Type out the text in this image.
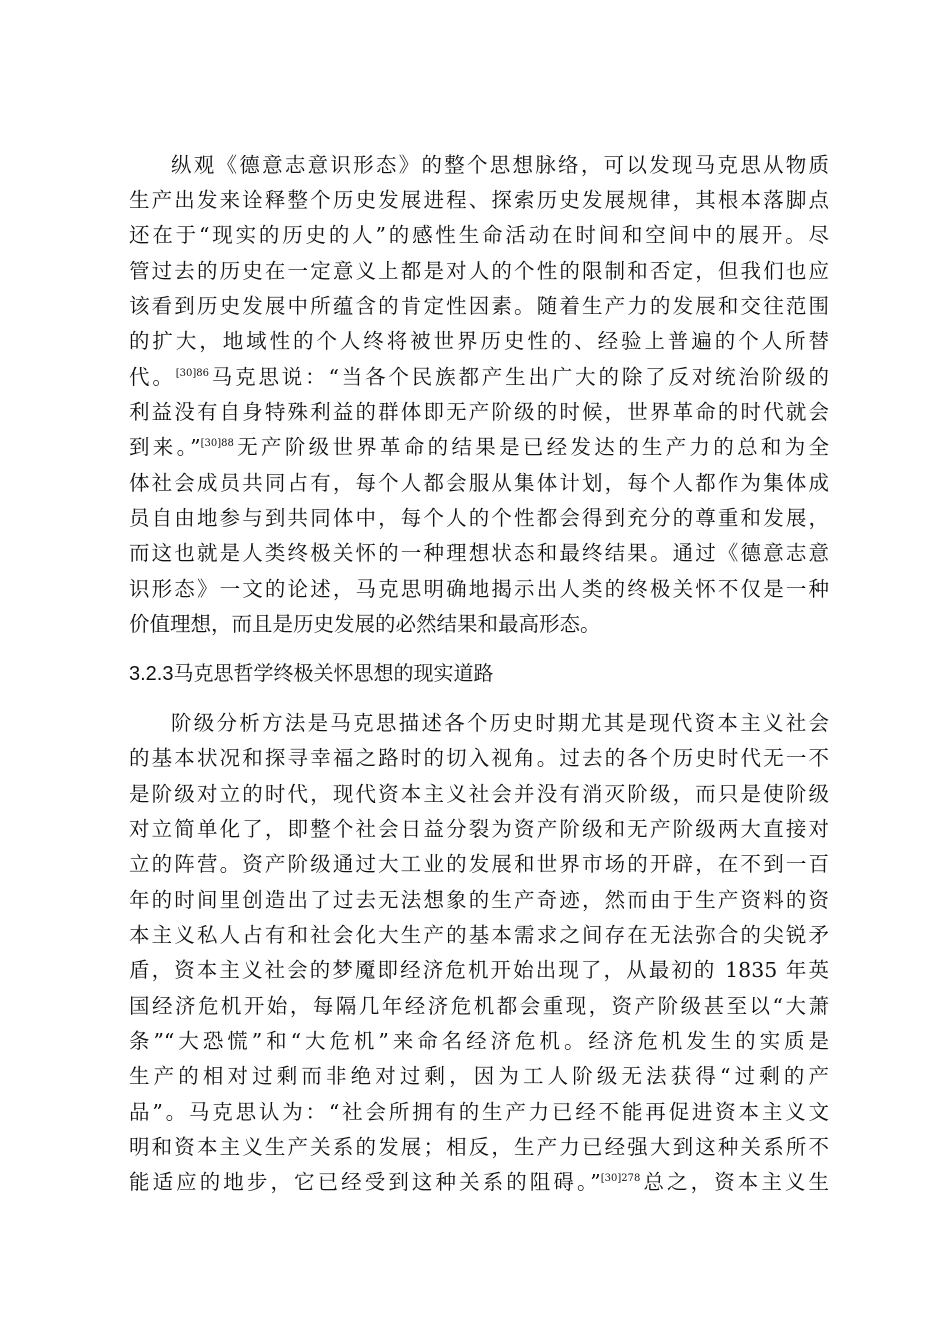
纵观《德意志意识形态》的整个思想脉络，可以发现马克思从物质
生产出发来诠释整个历史发展进程、探索历史发展规律，其根本落脚点
还在于“现实的历史的人”的感性生命活动在时间和空间中的展开。尽
管过去的历史在一定意义上都是对人的个性的限制和否定，但我们也应
该看到历史发展中所蕴含的肯定性因素。随着生产力的发展和交往范围
的扩大，地域性的个人终将被世界历史性的、经验上普遍的个人所替
代。$^{[30]86}$马克思说：“当各个民族都产生出广大的除了反对统治阶级的
利益没有自身特殊利益的群体即无产阶级的时候，世界革命的时代就会
到来。”$^{[30]88}$无产阶级世界革命的结果是已经发达的生产力的总和为全
体社会成员共同占有，每个人都会服从集体计划，每个人都作为集体成
员自由地参与到共同体中，每个人的个性都会得到充分的尊重和发展，
而这也就是人类终极关怀的一种理想状态和最终结果。通过《德意志意
识形态》一文的论述，马克思明确地揭示出人类的终极关怀不仅是一种
价值理想，而且是历史发展的必然结果和最高形态。
3.2.3马克思哲学终极关怀思想的现实道路
阶级分析方法是马克思描述各个历史时期尤其是现代资本主义社会
的基本状况和探寻幸福之路时的切入视角。过去的各个历史时代无一不
是阶级对立的时代，现代资本主义社会并没有消灭阶级，而只是使阶级
对立简单化了，即整个社会日益分裂为资产阶级和无产阶级两大直接对
立的阵营。资产阶级通过大工业的发展和世界市场的开辟，在不到一百
年的时间里创造出了过去无法想象的生产奇迹，然而由于生产资料的资
本主义私人占有和社会化大生产的基本需求之间存在无法弥合的尖锐矛
盾，资本主义社会的梦魇即经济危机开始出现了，从最初的 1835 年英
国经济危机开始，每隔几年经济危机都会重现，资产阶级甚至以“大萧
条”“大恐慌”和“大危机”来命名经济危机。经济危机发生的实质是
生产的相对过剩而非绝对过剩，因为工人阶级无法获得“过剩的产
品”。马克思认为：“社会所拥有的生产力已经不能再促进资本主义文
明和资本主义生产关系的发展；相反，生产力已经强大到这种关系所不
能适应的地步，它已经受到这种关系的阻碍。”$^{[30]278}$总之，资本主义生
